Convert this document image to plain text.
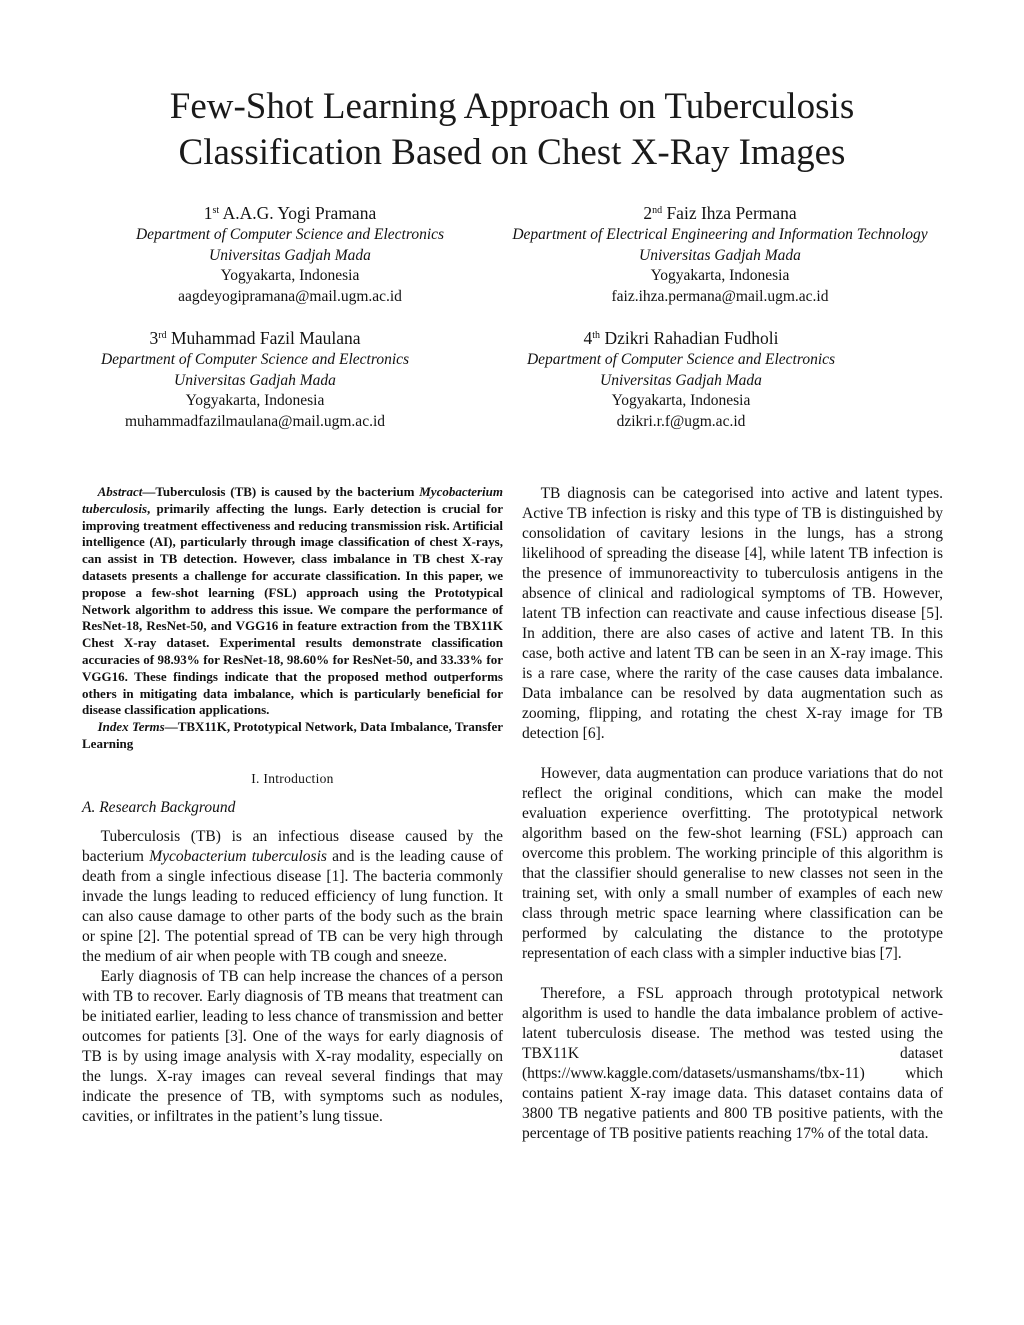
Few-Shot Learning Approach on Tuberculosis
Classification Based on Chest X-Ray Images
1st A.A.G. Yogi Pramana
Department of Computer Science and Electronics
Universitas Gadjah Mada
Yogyakarta, Indonesia
aagdeyogipramana@mail.ugm.ac.id
2nd Faiz Ihza Permana
Department of Electrical Engineering and Information Technology
Universitas Gadjah Mada
Yogyakarta, Indonesia
faiz.ihza.permana@mail.ugm.ac.id
3rd Muhammad Fazil Maulana
Department of Computer Science and Electronics
Universitas Gadjah Mada
Yogyakarta, Indonesia
muhammadfazilmaulana@mail.ugm.ac.id
4th Dzikri Rahadian Fudholi
Department of Computer Science and Electronics
Universitas Gadjah Mada
Yogyakarta, Indonesia
dzikri.r.f@ugm.ac.id

Abstract—Tuberculosis (TB) is caused by the bacterium Mycobacterium tuberculosis, primarily affecting the lungs. Early detection is crucial for improving treatment effectiveness and reducing transmission risk. Artificial intelligence (AI), particularly through image classification of chest X-rays, can assist in TB detection. However, class imbalance in TB chest X-ray datasets presents a challenge for accurate classification. In this paper, we propose a few-shot learning (FSL) approach using the Prototypical Network algorithm to address this issue. We compare the performance of ResNet-18, ResNet-50, and VGG16 in feature extraction from the TBX11K Chest X-ray dataset. Experimental results demonstrate classification accuracies of 98.93% for ResNet-18, 98.60% for ResNet-50, and 33.33% for VGG16. These findings indicate that the proposed method outperforms others in mitigating data imbalance, which is particularly beneficial for disease classification applications.

Index Terms—TBX11K, Prototypical Network, Data Imbalance, Transfer Learning

I. Introduction
A. Research Background

Tuberculosis (TB) is an infectious disease caused by the bacterium Mycobacterium tuberculosis and is the leading cause of death from a single infectious disease [1]. The bacteria commonly invade the lungs leading to reduced efficiency of lung function. It can also cause damage to other parts of the body such as the brain or spine [2]. The potential spread of TB can be very high through the medium of air when people with TB cough and sneeze.

Early diagnosis of TB can help increase the chances of a person with TB to recover. Early diagnosis of TB means that treatment can be initiated earlier, leading to less chance of transmission and better outcomes for patients [3]. One of the ways for early diagnosis of TB is by using image analysis with X-ray modality, especially on the lungs. X-ray images can reveal several findings that may indicate the presence of TB, with symptoms such as nodules, cavities, or infiltrates in the patient’s lung tissue.

TB diagnosis can be categorised into active and latent types. Active TB infection is risky and this type of TB is distinguished by consolidation of cavitary lesions in the lungs, has a strong likelihood of spreading the disease [4], while latent TB infection is the presence of immunoreactivity to tuberculosis antigens in the absence of clinical and radiological symptoms of TB. However, latent TB infection can reactivate and cause infectious disease [5]. In addition, there are also cases of active and latent TB. In this case, both active and latent TB can be seen in an X-ray image. This is a rare case, where the rarity of the case causes data imbalance. Data imbalance can be resolved by data augmentation such as zooming, flipping, and rotating the chest X-ray image for TB detection [6].

However, data augmentation can produce variations that do not reflect the original conditions, which can make the model evaluation experience overfitting. The prototypical network algorithm based on the few-shot learning (FSL) approach can overcome this problem. The working principle of this algorithm is that the classifier should generalise to new classes not seen in the training set, with only a small number of examples of each new class through metric space learning where classification can be performed by calculating the distance to the prototype representation of each class with a simpler inductive bias [7].

Therefore, a FSL approach through prototypical network algorithm is used to handle the data imbalance problem of active-latent tuberculosis disease. The method was tested using the TBX11K dataset (https://www.kaggle.com/datasets/usmanshams/tbx-11) which contains patient X-ray image data. This dataset contains data of 3800 TB negative patients and 800 TB positive patients, with the percentage of TB positive patients reaching 17% of the total data.
